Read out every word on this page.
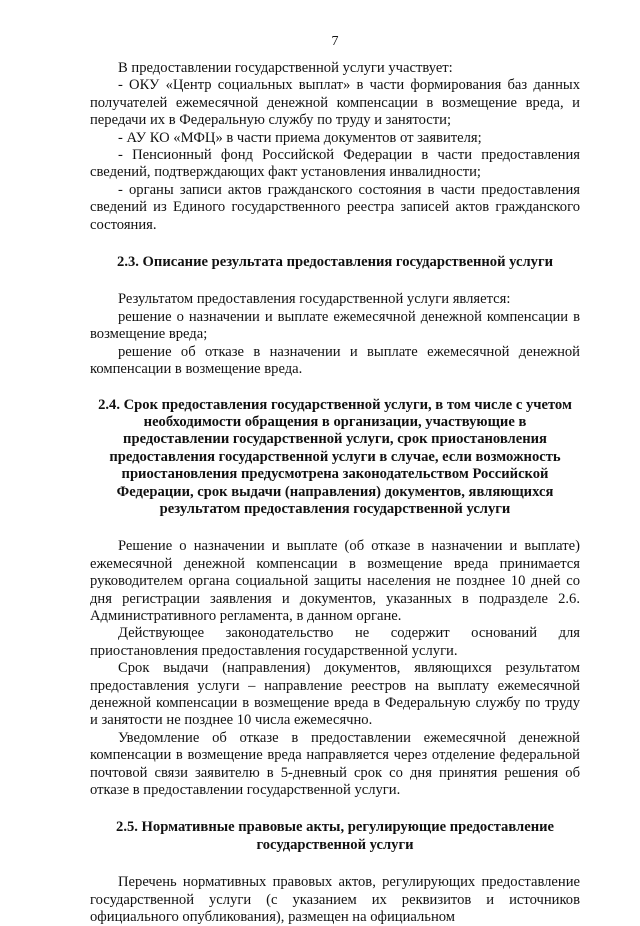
7

В предоставлении государственной услуги участвует:

- ОКУ «Центр социальных выплат» в части формирования баз данных получателей ежемесячной денежной компенсации в возмещение вреда, и передачи их в Федеральную службу по труду и занятости;

- АУ КО «МФЦ» в части приема документов от заявителя;

- Пенсионный фонд Российской Федерации в части предоставления сведений, подтверждающих факт установления инвалидности;

- органы записи актов гражданского состояния в части предоставления сведений из Единого государственного реестра записей актов гражданского состояния.

2.3. Описание результата предоставления государственной услуги

Результатом предоставления государственной услуги является:

решение о назначении и выплате ежемесячной денежной компенсации в возмещение вреда;

решение об отказе в назначении и выплате ежемесячной денежной компенсации в возмещение вреда.

2.4. Срок предоставления государственной услуги, в том числе с учетом необходимости обращения в организации, участвующие в предоставлении государственной услуги, срок приостановления предоставления государственной услуги в случае, если возможность приостановления предусмотрена законодательством Российской Федерации, срок выдачи (направления) документов, являющихся результатом предоставления государственной услуги

Решение о назначении и выплате (об отказе в назначении и выплате) ежемесячной денежной компенсации в возмещение вреда принимается руководителем органа социальной защиты населения не позднее 10 дней со дня регистрации заявления и документов, указанных в подразделе 2.6. Административного регламента, в данном органе.

Действующее законодательство не содержит оснований для приостановления предоставления государственной услуги.

Срок выдачи (направления) документов, являющихся результатом предоставления услуги – направление реестров на выплату ежемесячной денежной компенсации в возмещение вреда в Федеральную службу по труду и занятости не позднее 10 числа ежемесячно.

Уведомление об отказе в предоставлении ежемесячной денежной компенсации в возмещение вреда направляется через отделение федеральной почтовой связи заявителю в 5-дневный срок со дня принятия решения об отказе в предоставлении государственной услуги.

2.5. Нормативные правовые акты, регулирующие предоставление государственной услуги

Перечень нормативных правовых актов, регулирующих предоставление государственной услуги (с указанием их реквизитов и источников официального опубликования), размещен на официальном
